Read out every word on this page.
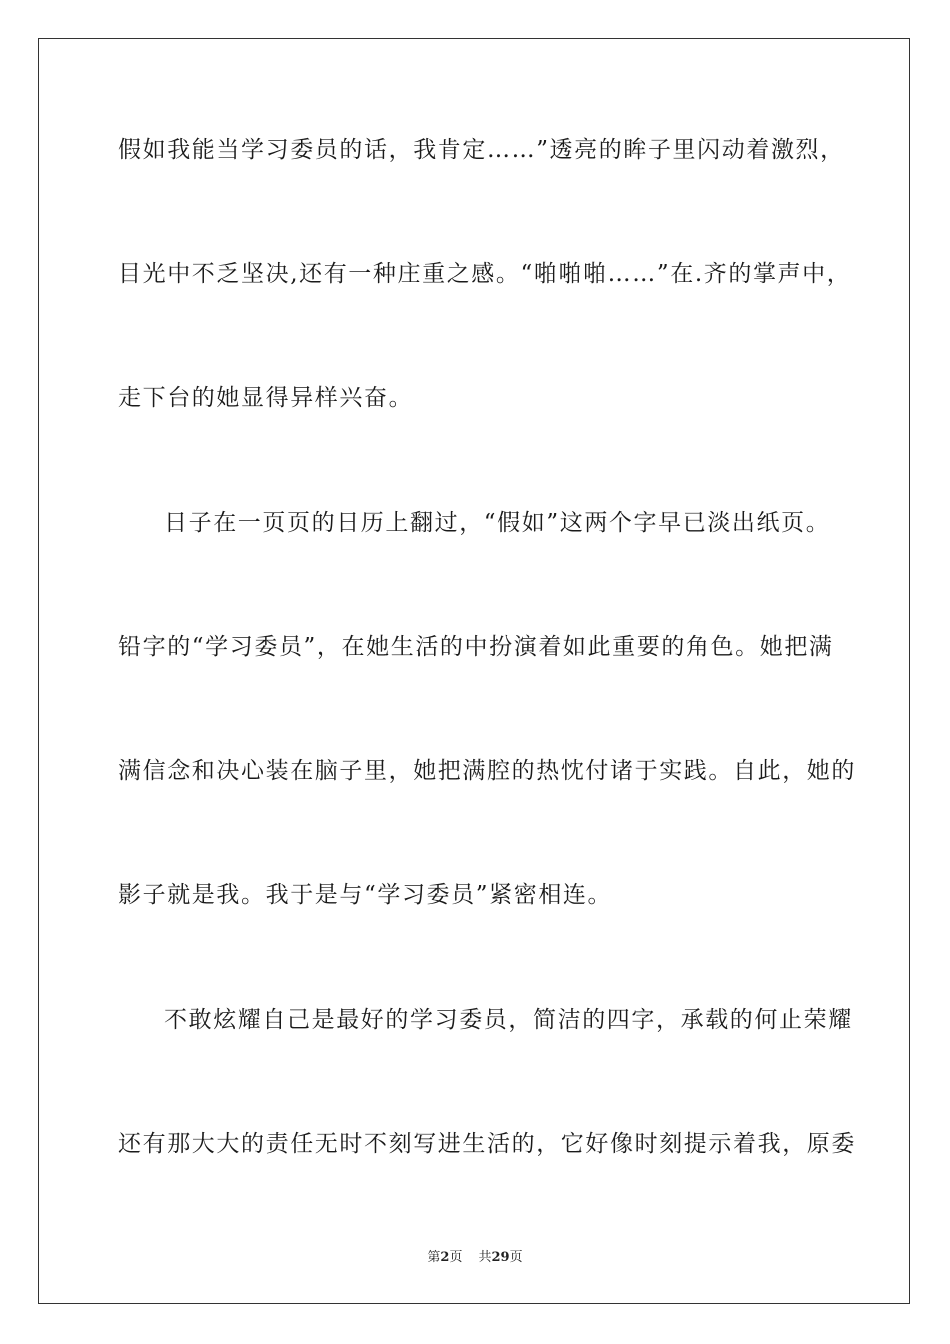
假如我能当学习委员的话，我肯定……”透亮的眸子里闪动着激烈，
目光中不乏坚决,还有一种庄重之感。“啪啪啪……”在.齐的掌声中，
走下台的她显得异样兴奋。
日子在一页页的日历上翻过，“假如”这两个字早已淡出纸页。
铅字的“学习委员”，在她生活的中扮演着如此重要的角色。她把满
满信念和决心装在脑子里，她把满腔的热忱付诸于实践。自此，她的
影子就是我。我于是与“学习委员”紧密相连。
不敢炫耀自己是最好的学习委员，简洁的四字，承载的何止荣耀
还有那大大的责任无时不刻写进生活的，它好像时刻提示着我，原委
第2页 共29页
